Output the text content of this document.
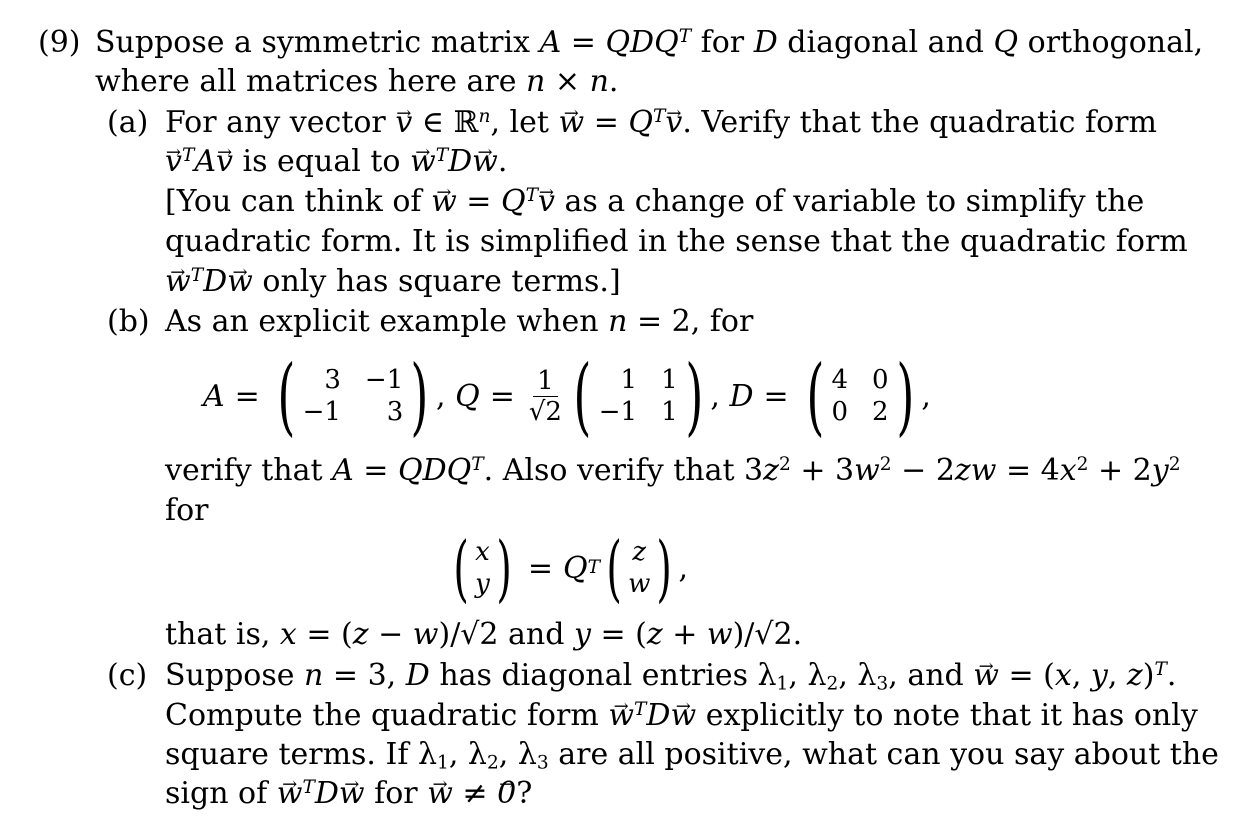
(9) Suppose a symmetric matrix $A = QDQ^T$ for D diagonal and Q orthogonal,
where all matrices here are n × n.
(a) For any vector → v ∈ ℝ$^n$, let → $w = Q^T\to v$. Verify that the quadratic form
→ $v^TA\to v$ is equal to → $w^TD\to w$.
[You can think of → $w = Q^T\to v$ as a change of variable to simplify the
quadratic form. It is simplified in the sense that the quadratic form
→ $w^TD\to w$ only has square terms.]
(b) As an explicit example when n = 2, for
A = (	3 −1
−1	3 ) , $Q = \frac{1}{√2}$ (	1 1
−1 1 ) , D = ( 4 0
0 2 ) ,
verify that $A = QDQ^T$. Also verify that $3z^2 + 3w^2 - 2zw = 4x^2 + 2y^2$
for
( x
y ) = Q T ( z
w ) ,
that is, x = (z − w)/√2 and y = (z + w)/√2.
(c) Suppose n = 3, D has diagonal entries $\lambda_1$, $\lambda_2$, $\lambda_3$, and → w = (x, y, z)$^T$.
Compute the quadratic form → $w^TD\to w$ explicitly to note that it has only
square terms. If $\lambda_1$, $\lambda_2$, $\lambda_3$ are all positive, what can you say about the
sign of → $w^TD\to w$ for → w ≠ → 0?
